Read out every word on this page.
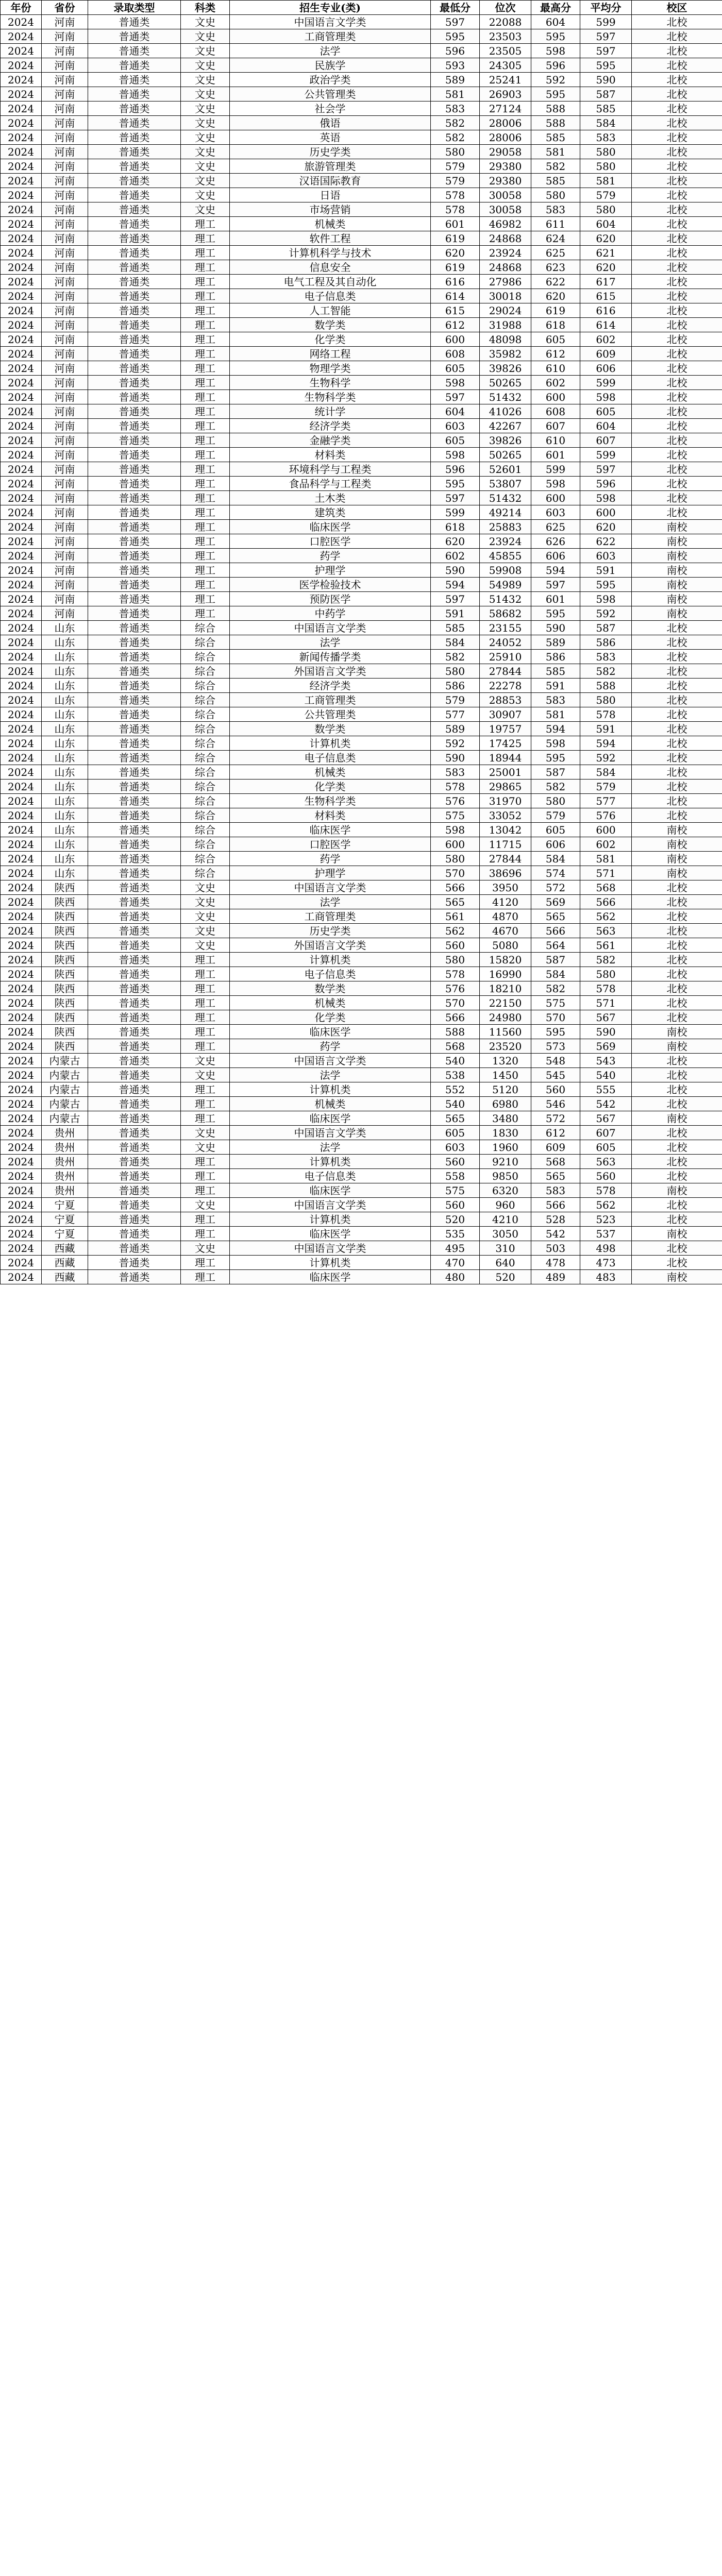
年份	省份	录取类型	科类	招生专业(类)	最低分	位次	最高分	平均分	校区
2024	河南	普通类	文史	中国语言文学类	597	22088	604	599	北校
2024	河南	普通类	文史	工商管理类	595	23503	595	597	北校
2024	河南	普通类	文史	法学	596	23505	598	597	北校
2024	河南	普通类	文史	民族学	593	24305	596	595	北校
2024	河南	普通类	文史	政治学类	589	25241	592	590	北校
2024	河南	普通类	文史	公共管理类	581	26903	595	587	北校
2024	河南	普通类	文史	社会学	583	27124	588	585	北校
2024	河南	普通类	文史	俄语	582	28006	588	584	北校
2024	河南	普通类	文史	英语	582	28006	585	583	北校
2024	河南	普通类	文史	历史学类	580	29058	581	580	北校
2024	河南	普通类	文史	旅游管理类	579	29380	582	580	北校
2024	河南	普通类	文史	汉语国际教育	579	29380	585	581	北校
2024	河南	普通类	文史	日语	578	30058	580	579	北校
2024	河南	普通类	文史	市场营销	578	30058	583	580	北校
2024	河南	普通类	理工	机械类	601	46982	611	604	北校
2024	河南	普通类	理工	软件工程	619	24868	624	620	北校
2024	河南	普通类	理工	计算机科学与技术	620	23924	625	621	北校
2024	河南	普通类	理工	信息安全	619	24868	623	620	北校
2024	河南	普通类	理工	电气工程及其自动化	616	27986	622	617	北校
2024	河南	普通类	理工	电子信息类	614	30018	620	615	北校
2024	河南	普通类	理工	人工智能	615	29024	619	616	北校
2024	河南	普通类	理工	数学类	612	31988	618	614	北校
2024	河南	普通类	理工	化学类	600	48098	605	602	北校
2024	河南	普通类	理工	网络工程	608	35982	612	609	北校
2024	河南	普通类	理工	物理学类	605	39826	610	606	北校
2024	河南	普通类	理工	生物科学	598	50265	602	599	北校
2024	河南	普通类	理工	生物科学类	597	51432	600	598	北校
2024	河南	普通类	理工	统计学	604	41026	608	605	北校
2024	河南	普通类	理工	经济学类	603	42267	607	604	北校
2024	河南	普通类	理工	金融学类	605	39826	610	607	北校
2024	河南	普通类	理工	材料类	598	50265	601	599	北校
2024	河南	普通类	理工	环境科学与工程类	596	52601	599	597	北校
2024	河南	普通类	理工	食品科学与工程类	595	53807	598	596	北校
2024	河南	普通类	理工	土木类	597	51432	600	598	北校
2024	河南	普通类	理工	建筑类	599	49214	603	600	北校
2024	河南	普通类	理工	临床医学	618	25883	625	620	南校
2024	河南	普通类	理工	口腔医学	620	23924	626	622	南校
2024	河南	普通类	理工	药学	602	45855	606	603	南校
2024	河南	普通类	理工	护理学	590	59908	594	591	南校
2024	河南	普通类	理工	医学检验技术	594	54989	597	595	南校
2024	河南	普通类	理工	预防医学	597	51432	601	598	南校
2024	河南	普通类	理工	中药学	591	58682	595	592	南校
2024	山东	普通类	综合	中国语言文学类	585	23155	590	587	北校
2024	山东	普通类	综合	法学	584	24052	589	586	北校
2024	山东	普通类	综合	新闻传播学类	582	25910	586	583	北校
2024	山东	普通类	综合	外国语言文学类	580	27844	585	582	北校
2024	山东	普通类	综合	经济学类	586	22278	591	588	北校
2024	山东	普通类	综合	工商管理类	579	28853	583	580	北校
2024	山东	普通类	综合	公共管理类	577	30907	581	578	北校
2024	山东	普通类	综合	数学类	589	19757	594	591	北校
2024	山东	普通类	综合	计算机类	592	17425	598	594	北校
2024	山东	普通类	综合	电子信息类	590	18944	595	592	北校
2024	山东	普通类	综合	机械类	583	25001	587	584	北校
2024	山东	普通类	综合	化学类	578	29865	582	579	北校
2024	山东	普通类	综合	生物科学类	576	31970	580	577	北校
2024	山东	普通类	综合	材料类	575	33052	579	576	北校
2024	山东	普通类	综合	临床医学	598	13042	605	600	南校
2024	山东	普通类	综合	口腔医学	600	11715	606	602	南校
2024	山东	普通类	综合	药学	580	27844	584	581	南校
2024	山东	普通类	综合	护理学	570	38696	574	571	南校
2024	陕西	普通类	文史	中国语言文学类	566	3950	572	568	北校
2024	陕西	普通类	文史	法学	565	4120	569	566	北校
2024	陕西	普通类	文史	工商管理类	561	4870	565	562	北校
2024	陕西	普通类	文史	历史学类	562	4670	566	563	北校
2024	陕西	普通类	文史	外国语言文学类	560	5080	564	561	北校
2024	陕西	普通类	理工	计算机类	580	15820	587	582	北校
2024	陕西	普通类	理工	电子信息类	578	16990	584	580	北校
2024	陕西	普通类	理工	数学类	576	18210	582	578	北校
2024	陕西	普通类	理工	机械类	570	22150	575	571	北校
2024	陕西	普通类	理工	化学类	566	24980	570	567	北校
2024	陕西	普通类	理工	临床医学	588	11560	595	590	南校
2024	陕西	普通类	理工	药学	568	23520	573	569	南校
2024	内蒙古	普通类	文史	中国语言文学类	540	1320	548	543	北校
2024	内蒙古	普通类	文史	法学	538	1450	545	540	北校
2024	内蒙古	普通类	理工	计算机类	552	5120	560	555	北校
2024	内蒙古	普通类	理工	机械类	540	6980	546	542	北校
2024	内蒙古	普通类	理工	临床医学	565	3480	572	567	南校
2024	贵州	普通类	文史	中国语言文学类	605	1830	612	607	北校
2024	贵州	普通类	文史	法学	603	1960	609	605	北校
2024	贵州	普通类	理工	计算机类	560	9210	568	563	北校
2024	贵州	普通类	理工	电子信息类	558	9850	565	560	北校
2024	贵州	普通类	理工	临床医学	575	6320	583	578	南校
2024	宁夏	普通类	文史	中国语言文学类	560	960	566	562	北校
2024	宁夏	普通类	理工	计算机类	520	4210	528	523	北校
2024	宁夏	普通类	理工	临床医学	535	3050	542	537	南校
2024	西藏	普通类	文史	中国语言文学类	495	310	503	498	北校
2024	西藏	普通类	理工	计算机类	470	640	478	473	北校
2024	西藏	普通类	理工	临床医学	480	520	489	483	南校
